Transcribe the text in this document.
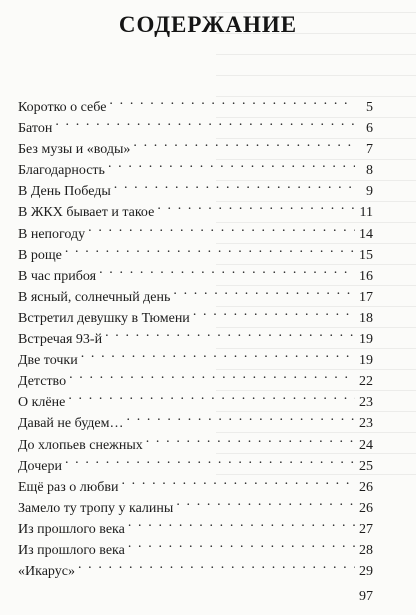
СОДЕРЖАНИЕ
Коротко о себе . . .	5
Батон . . .	6
Без музы и «воды» . . .	7
Благодарность . . .	8
В День Победы . . .	9
В ЖКХ бывает и такое . . .	11
В непогоду . . .	14
В роще . . .	15
В час прибоя . . .	16
В ясный, солнечный день . . .	17
Встретил девушку в Тюмени . . .	18
Встречая 93-й . . .	19
Две точки . . .	19
Детство . . .	22
О клёне . . .	23
Давай не будем… . . .	23
До хлопьев снежных . . .	24
Дочери . . .	25
Ещё раз о любви . . .	26
Замело ту тропу у калины . . .	26
Из прошлого века . . .	27
Из прошлого века . . .	28
«Икарус» . . .	29
97
